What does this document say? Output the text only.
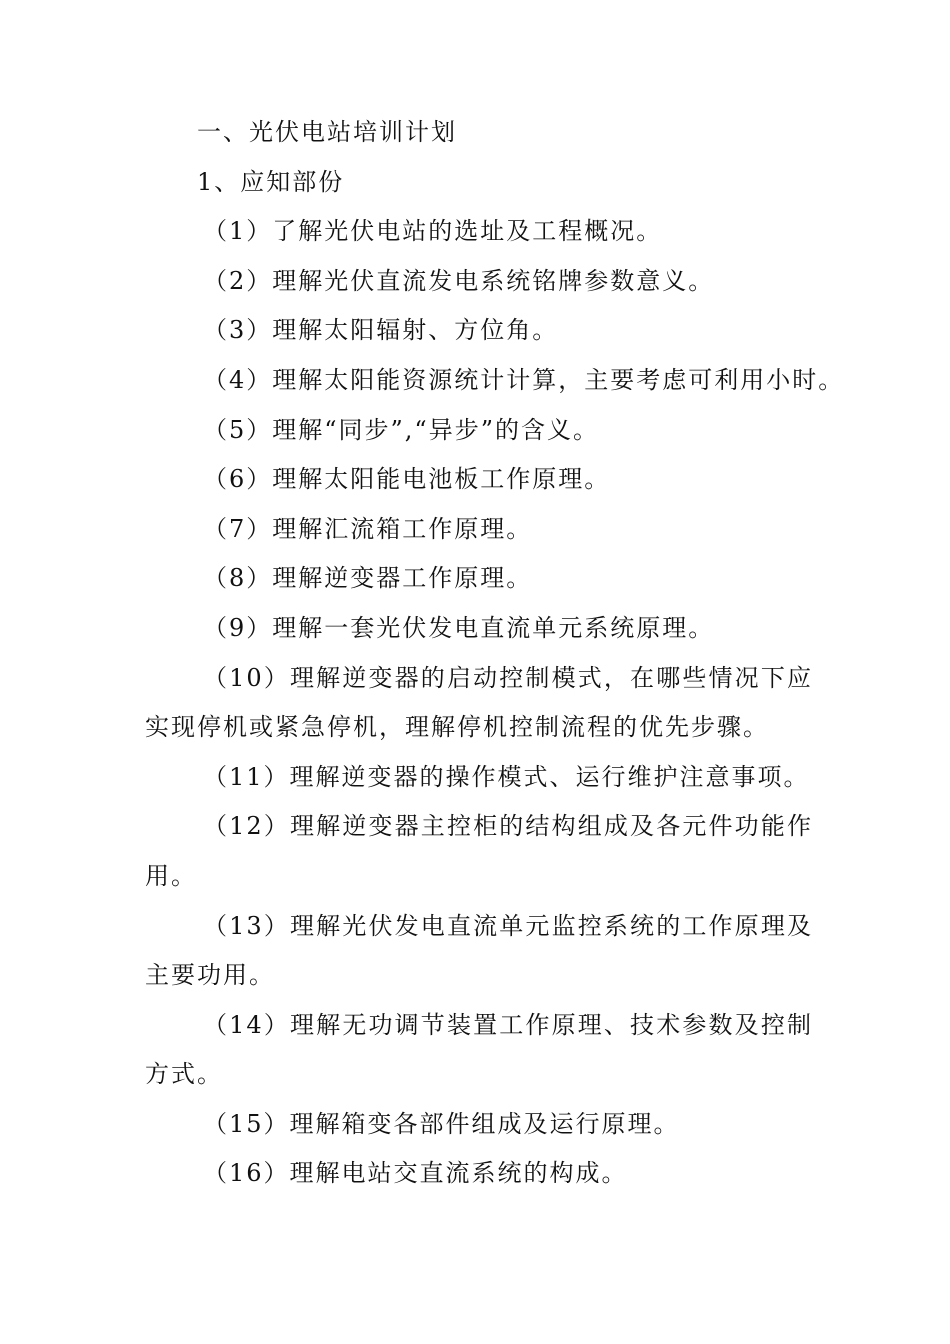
一、光伏电站培训计划
1、应知部份
（1）了解光伏电站的选址及工程概况。
（2）理解光伏直流发电系统铭牌参数意义。
（3）理解太阳辐射、方位角。
（4）理解太阳能资源统计计算，主要考虑可利用小时。
（5）理解“同步”,“异步”的含义。
（6）理解太阳能电池板工作原理。
（7）理解汇流箱工作原理。
（8）理解逆变器工作原理。
（9）理解一套光伏发电直流单元系统原理。
（10）理解逆变器的启动控制模式，在哪些情况下应实现停机或紧急停机，理解停机控制流程的优先步骤。
（11）理解逆变器的操作模式、运行维护注意事项。
（12）理解逆变器主控柜的结构组成及各元件功能作用。
（13）理解光伏发电直流单元监控系统的工作原理及主要功用。
（14）理解无功调节装置工作原理、技术参数及控制方式。
（15）理解箱变各部件组成及运行原理。
（16）理解电站交直流系统的构成。
